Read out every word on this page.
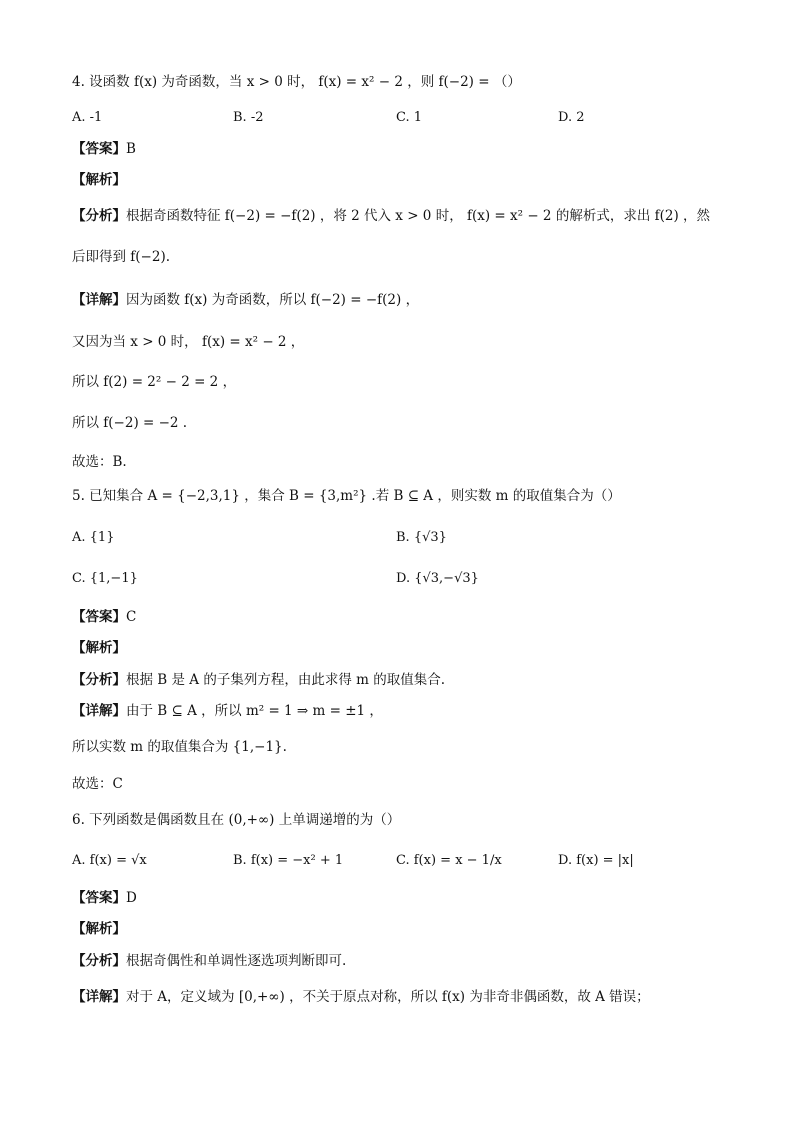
4. 设函数 f(x) 为奇函数，当 x > 0 时， f(x) = x² − 2 ，则 f(−2) = （）
A. -1	B. -2	C. 1	D. 2
【答案】B
【解析】
【分析】根据奇函数特征 f(−2) = −f(2) ，将 2 代入 x > 0 时， f(x) = x² − 2 的解析式，求出 f(2) ，然
后即得到 f(−2).
【详解】因为函数 f(x) 为奇函数，所以 f(−2) = −f(2) ，
又因为当 x > 0 时， f(x) = x² − 2 ，
所以 f(2) = 2² − 2 = 2 ，
所以 f(−2) = −2 .
故选：B.
5. 已知集合 A = {−2,3,1} ，集合 B = {3,m²} .若 B ⊆ A ，则实数 m 的取值集合为（）
A. {1}	B. {√3}
C. {1,−1}	D. {√3,−√3}
【答案】C
【解析】
【分析】根据 B 是 A 的子集列方程，由此求得 m 的取值集合.
【详解】由于 B ⊆ A ，所以 m² = 1 ⇒ m = ±1 ，
所以实数 m 的取值集合为 {1,−1}.
故选：C
6. 下列函数是偶函数且在 (0,+∞) 上单调递增的为（）
A. f(x) = √x	B. f(x) = −x² + 1	C. f(x) = x − 1/x	D. f(x) = |x|
【答案】D
【解析】
【分析】根据奇偶性和单调性逐选项判断即可.
【详解】对于 A，定义域为 [0,+∞) ，不关于原点对称，所以 f(x) 为非奇非偶函数，故 A 错误；
